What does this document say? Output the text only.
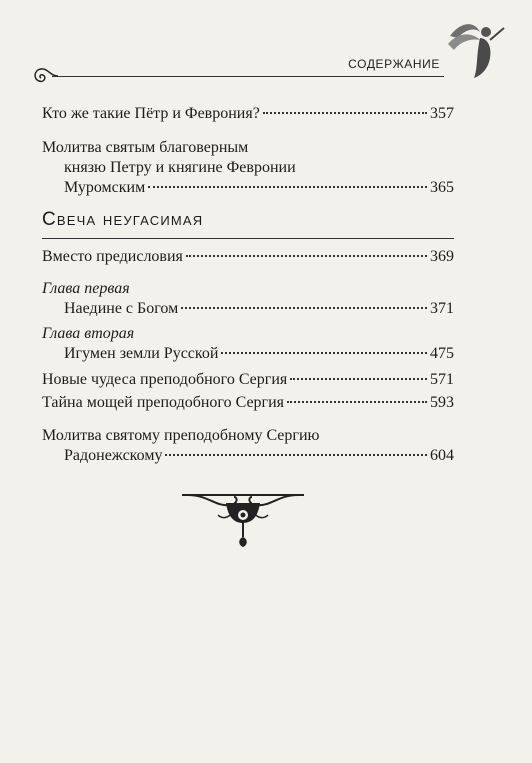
СОДЕРЖАНИЕ
Кто же такие Пётр и Феврония?	357
Молитва святым благоверным
князю Петру и княгине Февронии
Муромским	365
Свеча неугасимая
Вместо предисловия	369
Глава первая
Наедине с Богом	371
Глава вторая
Игумен земли Русской	475
Новые чудеса преподобного Сергия	571
Тайна мощей преподобного Сергия	593
Молитва святому преподобному Сергию
Радонежскому	604
